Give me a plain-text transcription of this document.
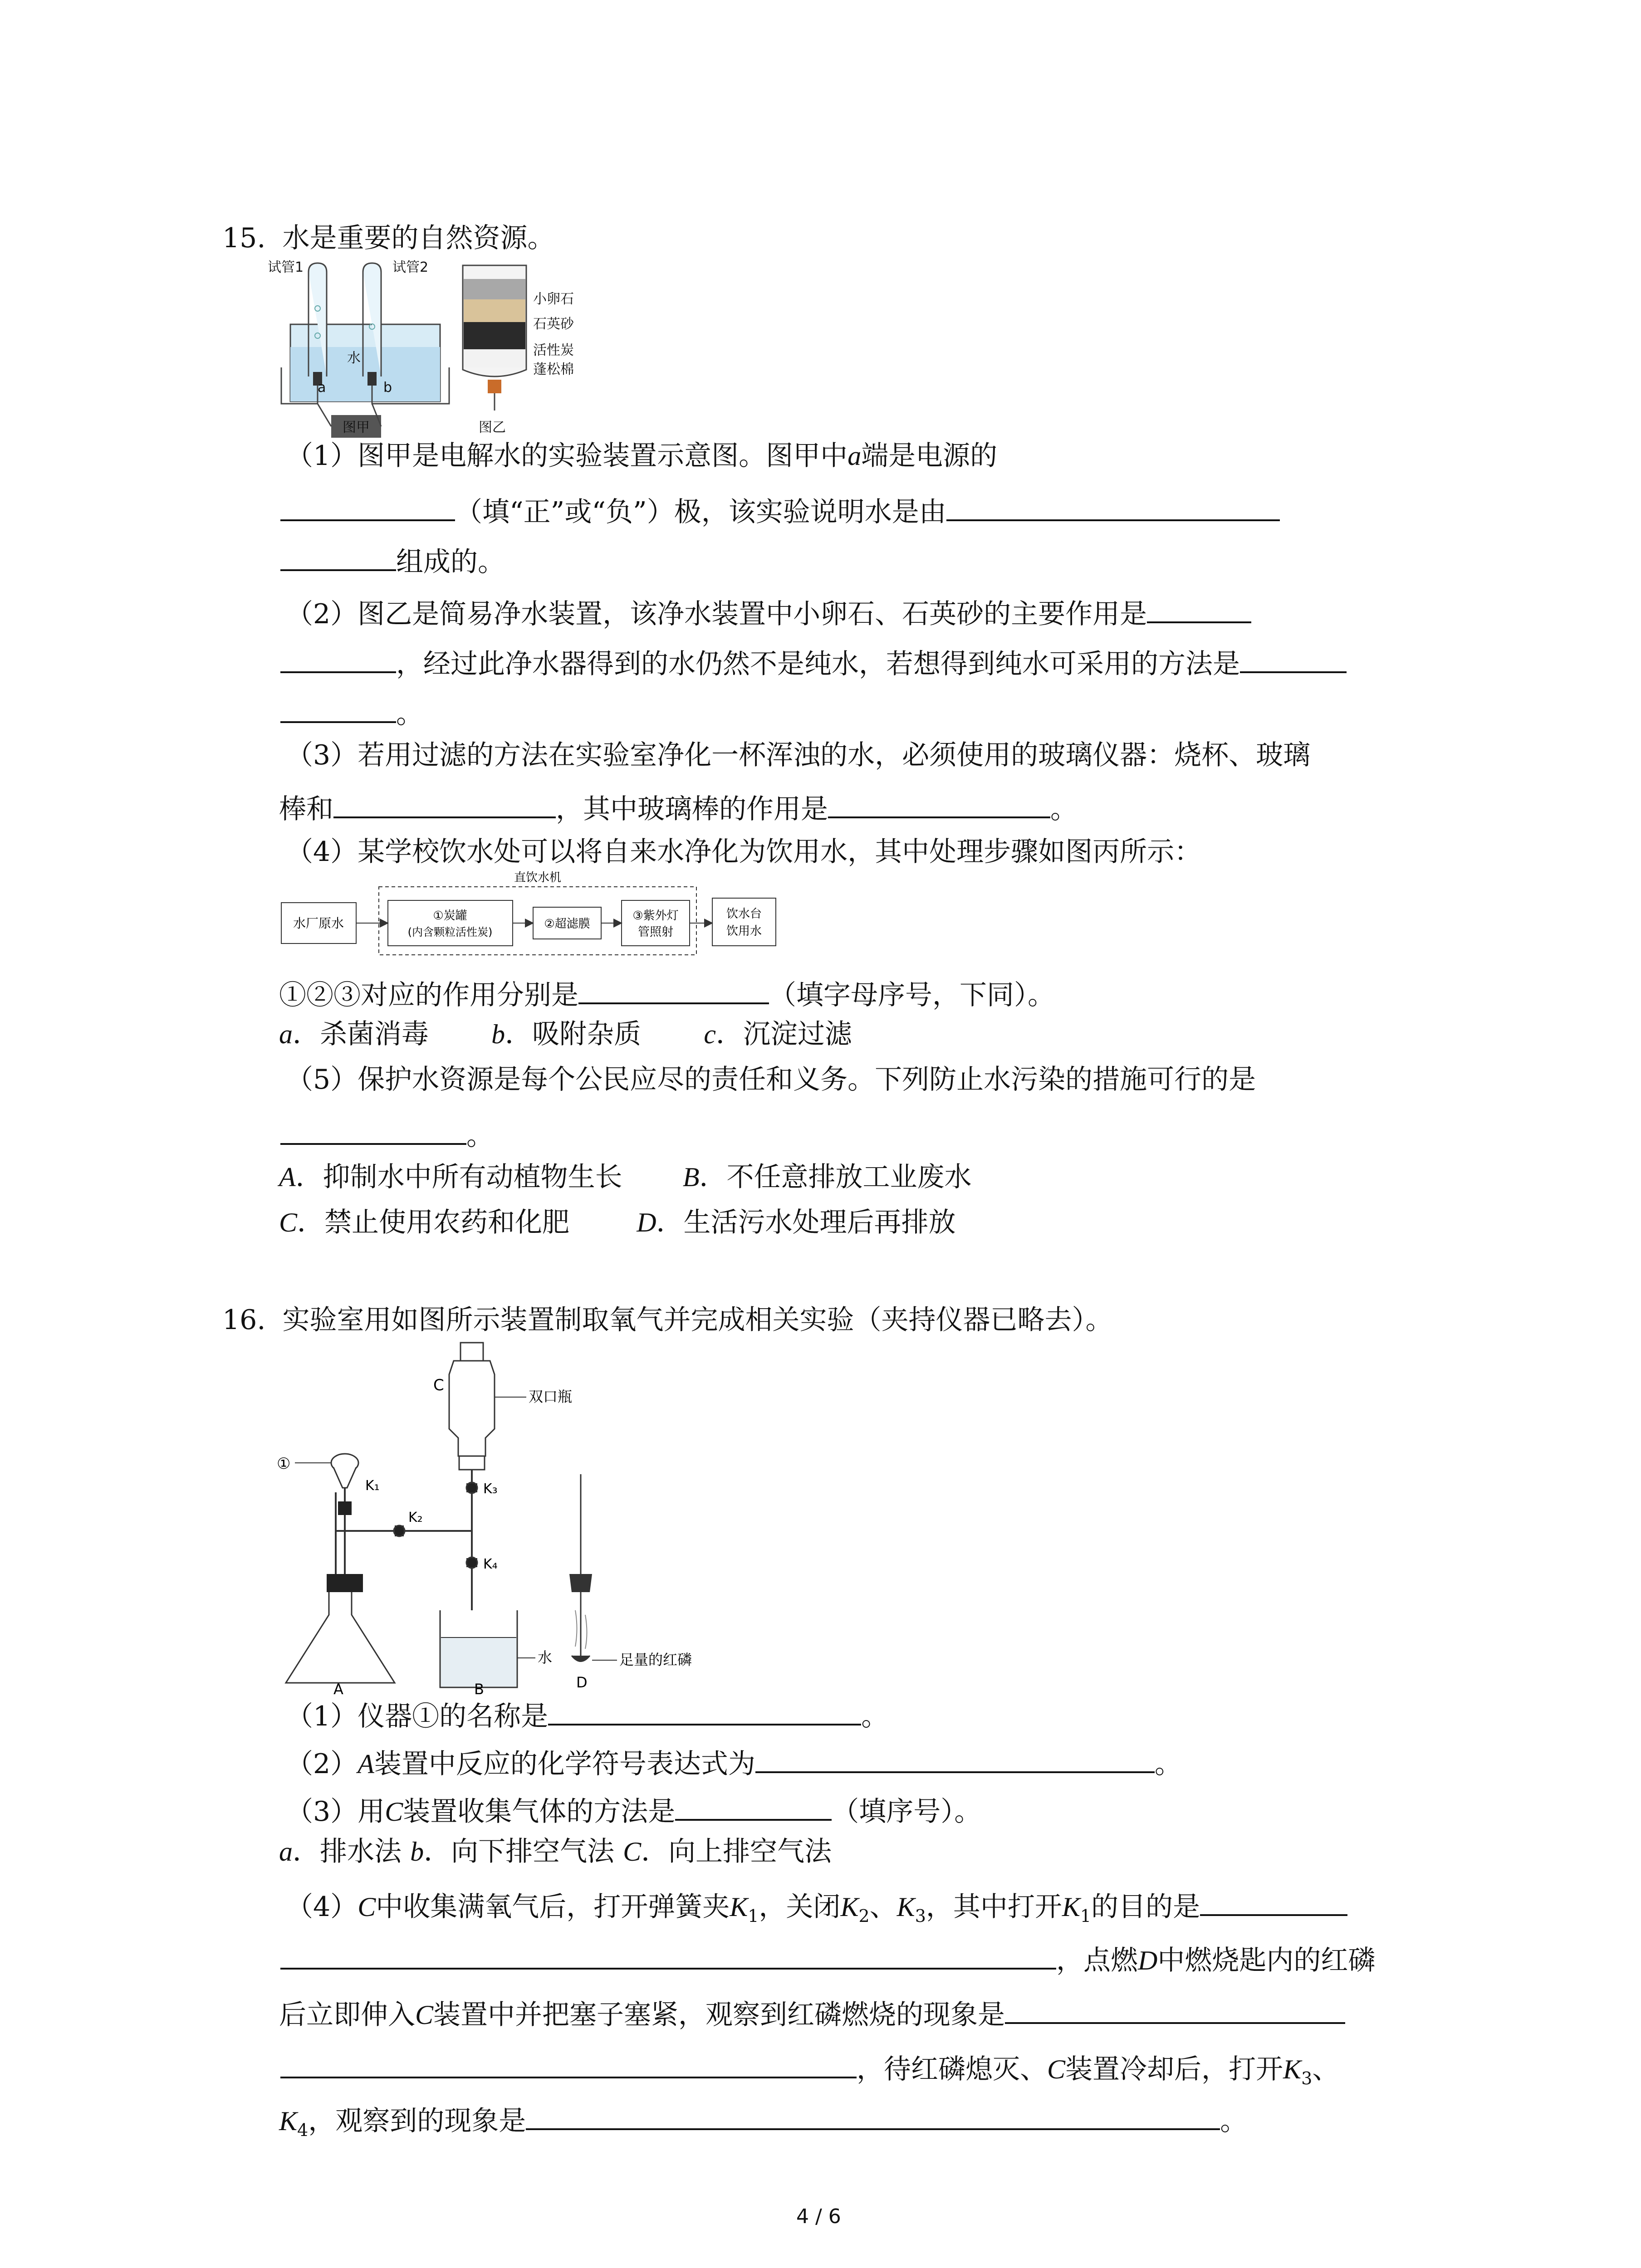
15. 水是重要的自然资源。
试管1	试管2
水
a	b
图甲
小卵石
石英砂
活性炭
蓬松棉
图乙
（1）图甲是电解水的实验装置示意图。图甲中a端是电源的
（填“正”或“负”）极，该实验说明水是由
组成的。
（2）图乙是简易净水装置，该净水装置中小卵石、石英砂的主要作用是
，经过此净水器得到的水仍然不是纯水，若想得到纯水可采用的方法是
。
（3）若用过滤的方法在实验室净化一杯浑浊的水，必须使用的玻璃仪器：烧杯、玻璃
棒和	，其中玻璃棒的作用是	。
（4）某学校饮水处可以将自来水净化为饮用水，其中处理步骤如图丙所示：
水厂原水
直饮水机
①炭罐
(内含颗粒活性炭)
②超滤膜
③紫外灯
管照射
饮水台
饮用水
①②③对应的作用分别是	（填字母序号，下同）。
a．杀菌消毒 b．吸附杂质 c．沉淀过滤
（5）保护水资源是每个公民应尽的责任和义务。下列防止水污染的措施可行的是
。
A．抑制水中所有动植物生长 B．不任意排放工业废水
C．禁止使用农药和化肥 D．生活污水处理后再排放
16. 实验室用如图所示装置制取氧气并完成相关实验（夹持仪器已略去）。
C
双口瓶
①
K₁
K₂
K₃
K₄
A	B	D
水	足量的红磷
（1）仪器①的名称是	。
（2）A装置中反应的化学符号表达式为	。
（3）用C装置收集气体的方法是	（填序号）。
a．排水法 b．向下排空气法 C．向上排空气法
（4）C中收集满氧气后，打开弹簧夹$K_1$，关闭$K_2$、$K_3$，其中打开$K_1$的目的是
，点燃D中燃烧匙内的红磷
后立即伸入C装置中并把塞子塞紧，观察到红磷燃烧的现象是
，待红磷熄灭、C装置冷却后，打开$K_3$、
$K_4$，观察到的现象是	。
4 / 6
